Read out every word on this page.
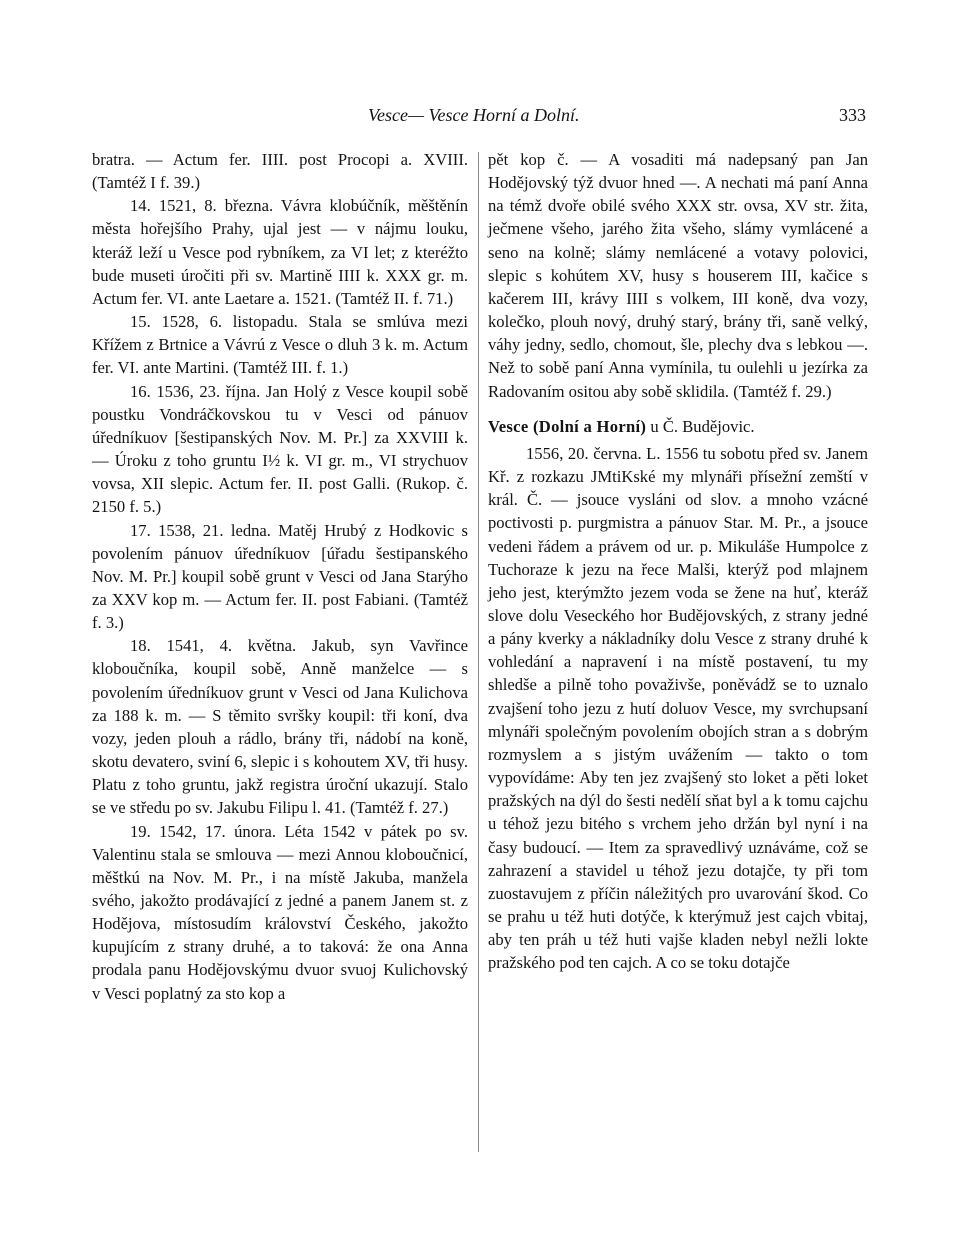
Vesce— Vesce Horní a Dolní.	333

bratra. — Actum fer. IIII. post Procopi a. XVIII. (Tamtéž I f. 39.)

14. 1521, 8. března. Vávra klobúčník, měštěnín města hořejšího Prahy, ujal jest — v nájmu louku, kteráž leží u Vesce pod rybníkem, za VI let; z kteréžto bude museti úročiti při sv. Martině IIII k. XXX gr. m. Actum fer. VI. ante Laetare a. 1521. (Tamtéž II. f. 71.)

15. 1528, 6. listopadu. Stala se smlúva mezi Křížem z Brtnice a Vávrú z Vesce o dluh 3 k. m. Actum fer. VI. ante Martini. (Tamtéž III. f. 1.)

16. 1536, 23. října. Jan Holý z Vesce koupil sobě poustku Vondráčkovskou tu v Vesci od pánuov úředníkuov [šestipanských Nov. M. Pr.] za XXVIII k. — Úroku z toho gruntu I½ k. VI gr. m., VI strychuov vovsa, XII slepic. Actum fer. II. post Galli. (Rukop. č. 2150 f. 5.)

17. 1538, 21. ledna. Matěj Hrubý z Hodkovic s povolením pánuov úředníkuov [úřadu šestipanského Nov. M. Pr.] koupil sobě grunt v Vesci od Jana Starýho za XXV kop m. — Actum fer. II. post Fabiani. (Tamtéž f. 3.)

18. 1541, 4. května. Jakub, syn Vavřince kloboučníka, koupil sobě, Anně manželce — s povolením úředníkuov grunt v Vesci od Jana Kulichova za 188 k. m. — S těmito svršky koupil: tři koní, dva vozy, jeden plouh a rádlo, brány tři, nádobí na koně, skotu devatero, sviní 6, slepic i s kohoutem XV, tři husy. Platu z toho gruntu, jakž registra úroční ukazují. Stalo se ve středu po sv. Jakubu Filipu l. 41. (Tamtéž f. 27.)

19. 1542, 17. února. Léta 1542 v pátek po sv. Valentinu stala se smlouva — mezi Annou kloboučnicí, měštkú na Nov. M. Pr., i na místě Jakuba, manžela svého, jakožto prodávající z jedné a panem Janem st. z Hodějova, místosudím království Českého, jakožto kupujícím z strany druhé, a to taková: že ona Anna prodala panu Hodějovskýmu dvuor svuoj Kulichovský v Vesci poplatný za sto kop a

pět kop č. — A vosaditi má nadepsaný pan Jan Hodějovský týž dvuor hned —. A nechati má paní Anna na témž dvoře obilé svého XXX str. ovsa, XV str. žita, ječmene všeho, jarého žita všeho, slámy vymlácené a seno na kolně; slámy nemlácené a votavy polovici, slepic s kohútem XV, husy s houserem III, kačice s kačerem III, krávy IIII s volkem, III koně, dva vozy, kolečko, plouh nový, druhý starý, brány tři, saně velký, váhy jedny, sedlo, chomout, šle, plechy dva s lebkou —. Než to sobě paní Anna vymínila, tu oulehli u jezírka za Radovaním ositou aby sobě sklidila. (Tamtéž f. 29.)

Vesce (Dolní a Horní) u Č. Budějovic.

1556, 20. června. L. 1556 tu sobotu před sv. Janem Kř. z rozkazu JMtiKské my mlynáři přísežní zemští v král. Č. — jsouce vysláni od slov. a mnoho vzácné poctivosti p. purgmistra a pánuov Star. M. Pr., a jsouce vedeni řádem a právem od ur. p. Mikuláše Humpolce z Tuchoraze k jezu na řece Malši, kterýž pod mlajnem jeho jest, kterýmžto jezem voda se žene na huť, kteráž slove dolu Veseckého hor Budějovských, z strany jedné a pány kverky a nákladníky dolu Vesce z strany druhé k vohledání a napravení i na místě postavení, tu my shledše a pilně toho považivše, poněvádž se to uznalo zvajšení toho jezu z hutí doluov Vesce, my svrchupsaní mlynáři společným povolením obojích stran a s dobrým rozmyslem a s jistým uvážením — takto o tom vypovídáme: Aby ten jez zvajšený sto loket a pěti loket pražských na dýl do šesti nedělí sňat byl a k tomu cajchu u téhož jezu bitého s vrchem jeho držán byl nyní i na časy budoucí. — Item za spravedlivý uznáváme, což se zahrazení a stavidel u téhož jezu dotajče, ty při tom zuostavujem z příčin náležitých pro uvarování škod. Co se prahu u též huti dotýče, k kterýmuž jest cajch vbitaj, aby ten práh u též huti vajše kladen nebyl nežli lokte pražského pod ten cajch. A co se toku dotajče
